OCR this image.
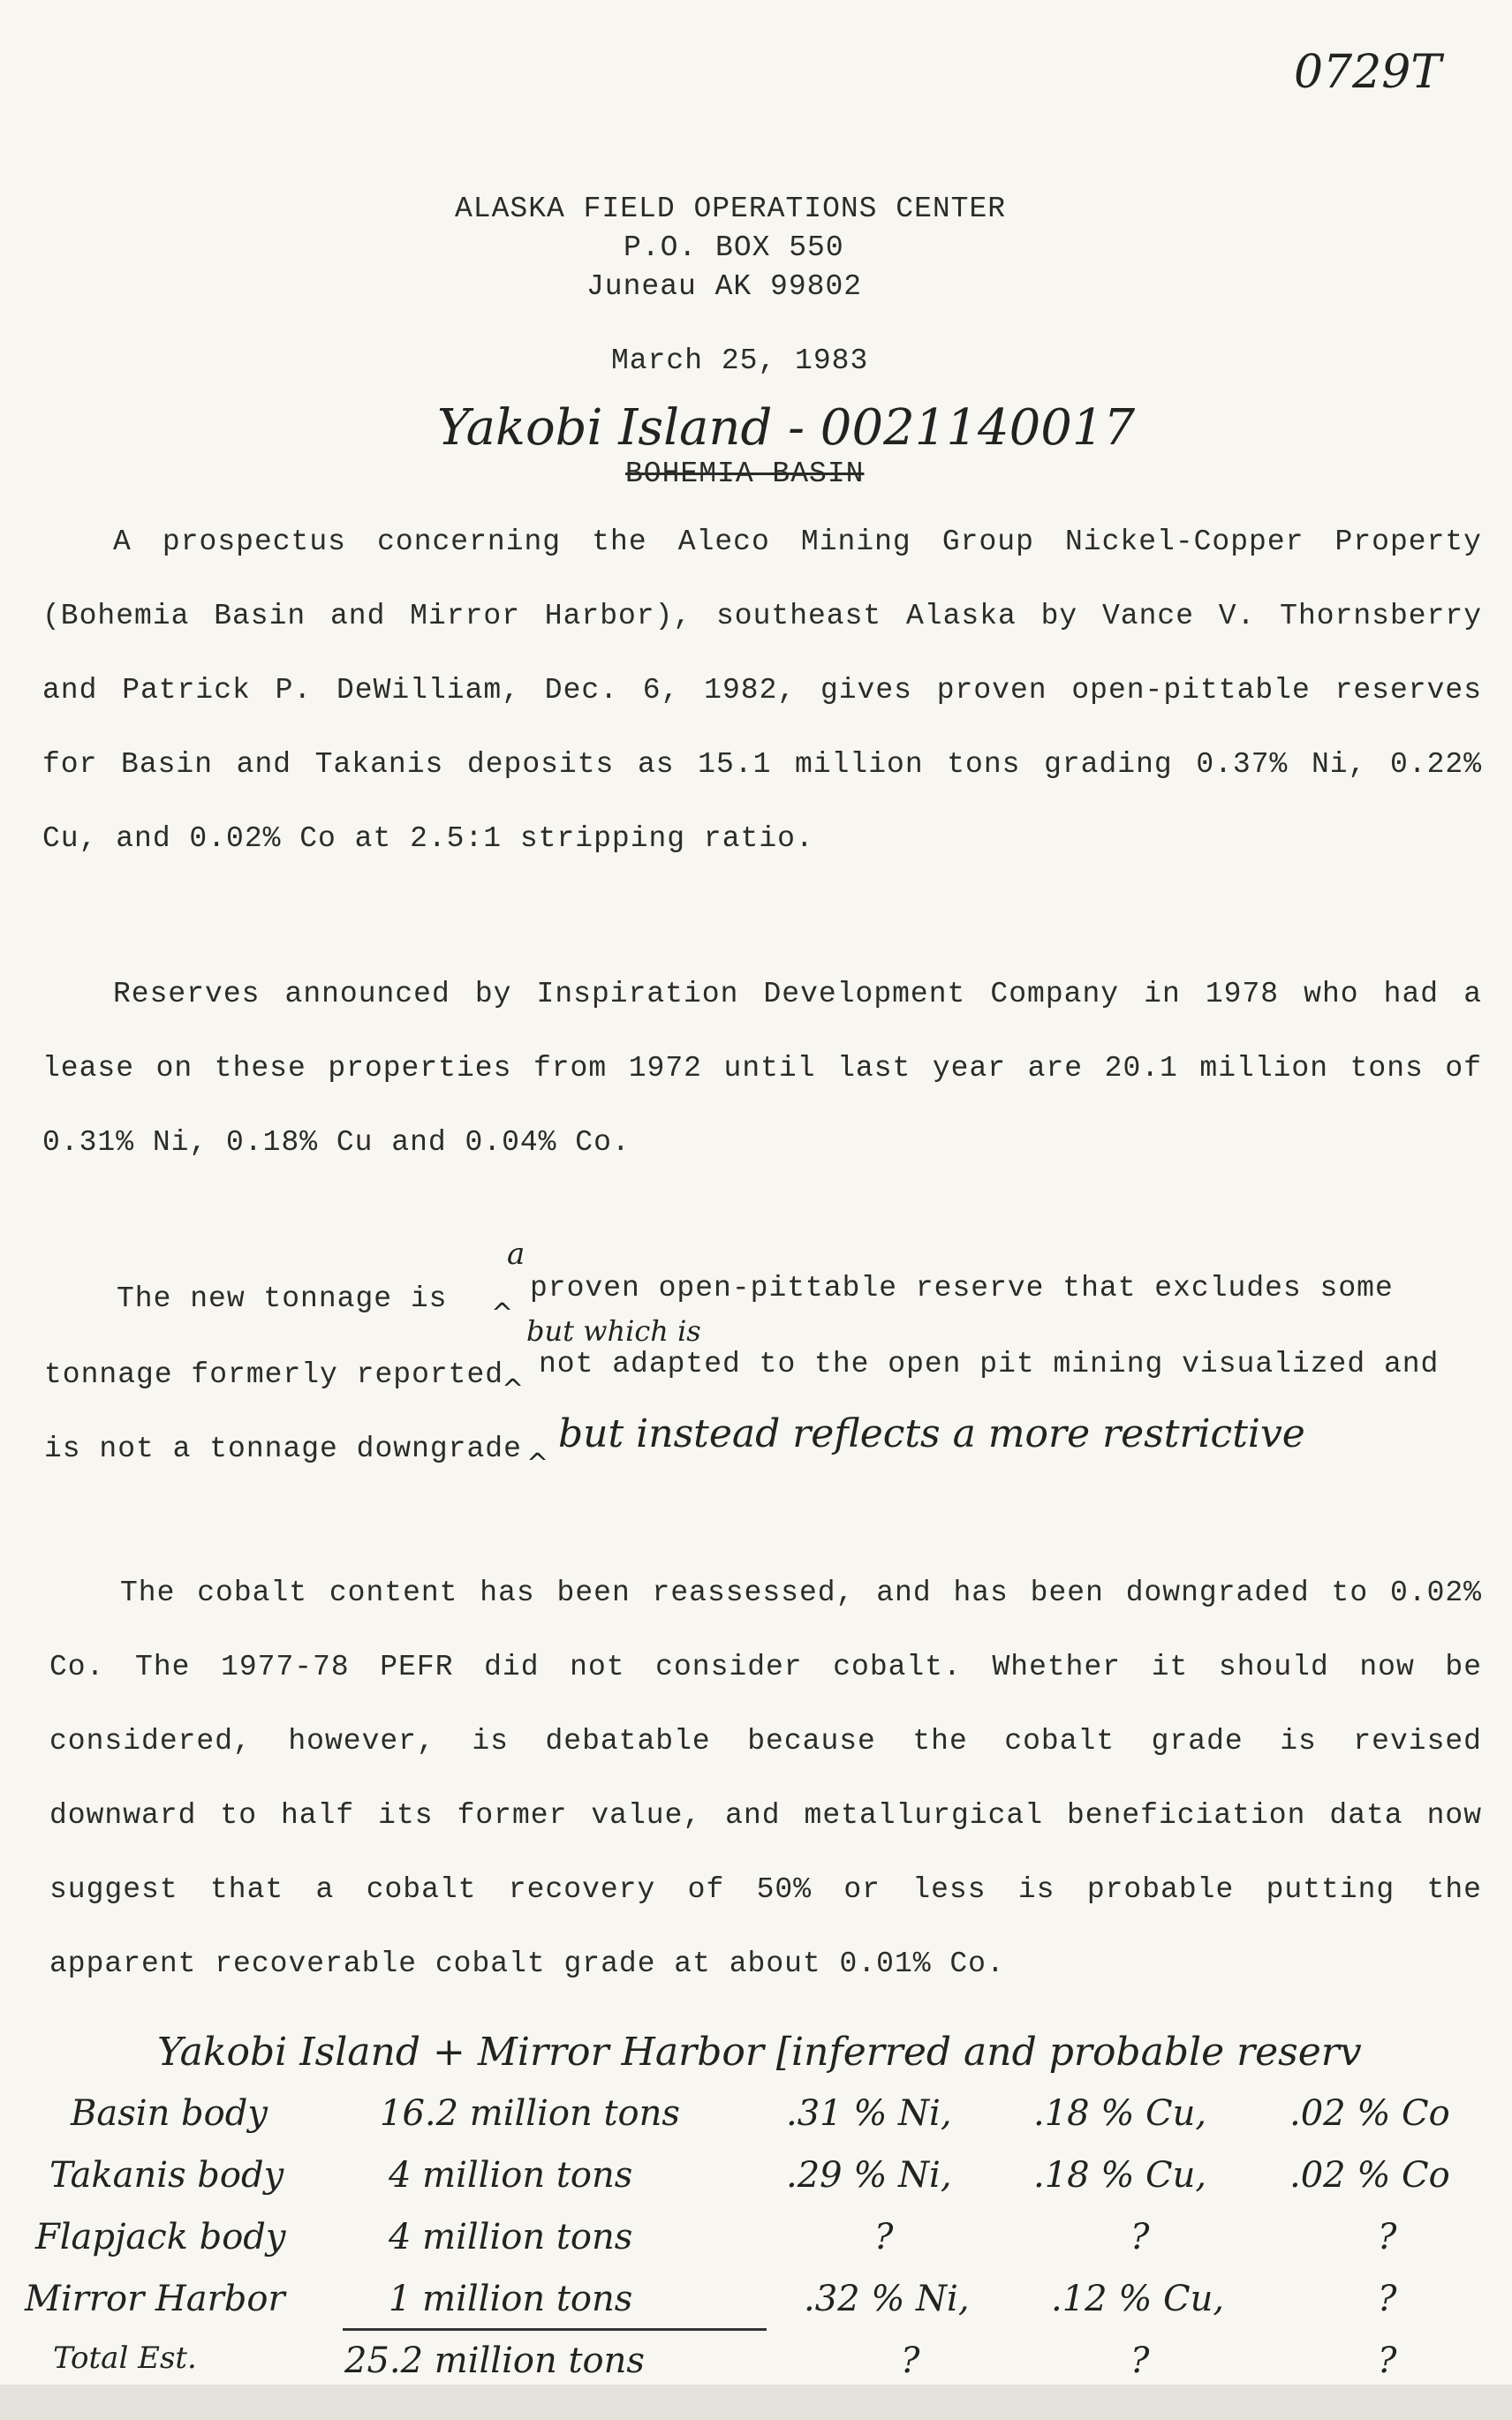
0729T
ALASKA FIELD OPERATIONS CENTER
P.O. BOX 550
Juneau AK 99802
March 25, 1983
Yakobi Island - 0021140017
BOHEMIA BASIN
A prospectus concerning the Aleco Mining Group Nickel-Copper Property
(Bohemia Basin and Mirror Harbor), southeast Alaska by Vance V. Thornsberry
and Patrick P. DeWilliam, Dec. 6, 1982, gives proven open-pittable reserves
for Basin and Takanis deposits as 15.1 million tons grading 0.37% Ni, 0.22%
Cu, and 0.02% Co at 2.5:1 stripping ratio.
Reserves announced by Inspiration Development Company in 1978 who had a
lease on these properties from 1972 until last year are 20.1 million tons of
0.31% Ni, 0.18% Cu and 0.04% Co.
The new tonnage is
a
^
proven open-pittable reserve that excludes some
but which is
tonnage formerly reported
^
not adapted to the open pit mining visualized and
is not a tonnage downgrade ^
but instead reflects a more restrictive
The cobalt content has been reassessed, and has been downgraded to 0.02%
Co. The 1977-78 PEFR did not consider cobalt. Whether it should now be
considered, however, is debatable because the cobalt grade is revised
downward to half its former value, and metallurgical beneficiation data now
suggest that a cobalt recovery of 50% or less is probable putting the
apparent recoverable cobalt grade at about 0.01% Co.
Yakobi Island + Mirror Harbor [inferred and probable reserv
Basin body	16.2 million tons	.31 % Ni, .18 % Cu, .02 % Co
Takanis body	4 million tons	.29 % Ni, .18 % Cu, .02 % Co
Flapjack body	4 million tons	?	?	?
Mirror Harbor	1 million tons	.32 % Ni, .12 % Cu,	?
Total Est.	25.2 million tons	?	?	?
